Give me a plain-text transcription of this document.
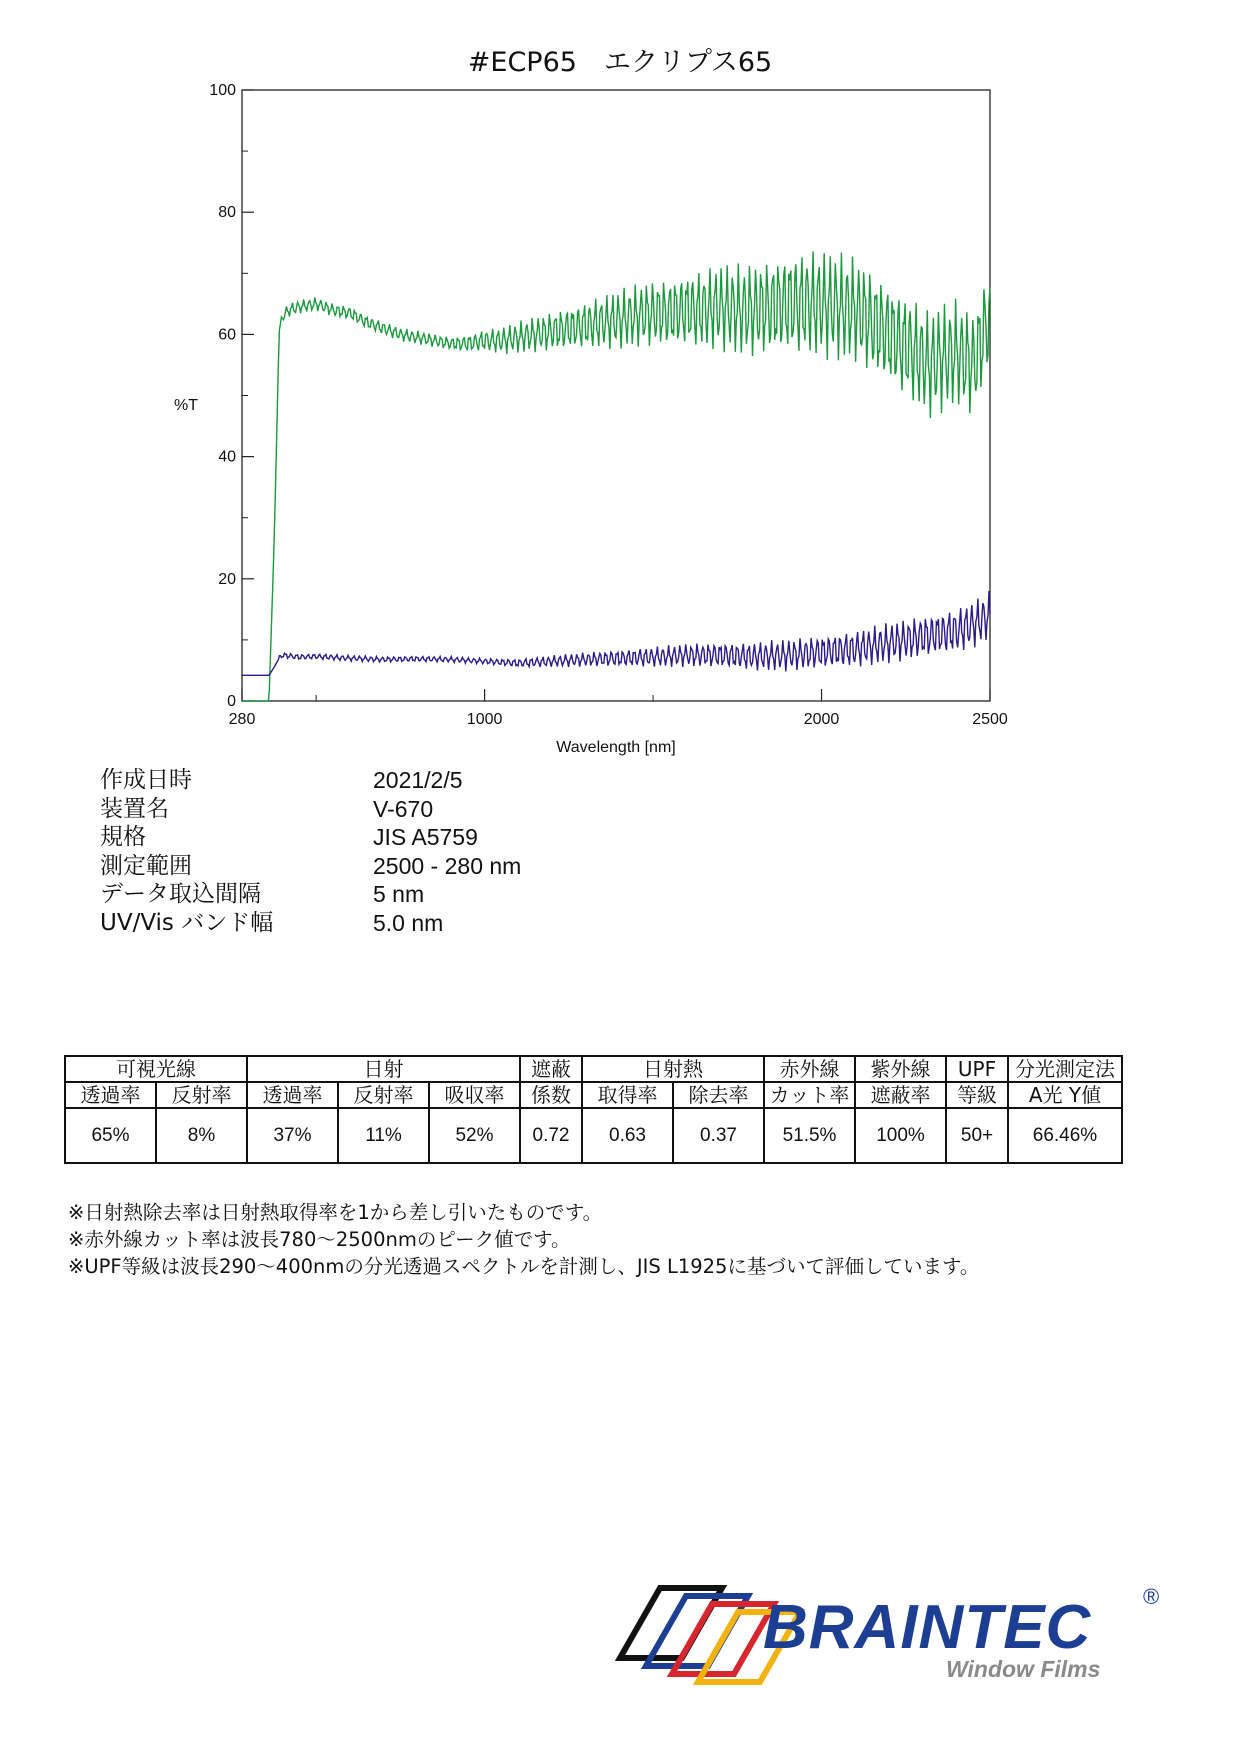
#ECP65　エクリプス65
0
20
40
60
80
100
280	1000	2000	2500
Wavelength [nm]
%T
作成日時	2021/2/5
装置名	V-670
規格	JIS A5759
測定範囲	2500 - 280 nm
データ取込間隔	5 nm
UV/Vis バンド幅	5.0 nm
可視光線		日射			遮蔽	日射熱		赤外線	紫外線	UPF	分光測定法
透過率	反射率	透過率	反射率	吸収率	係数	取得率	除去率	カット率	遮蔽率	等級	A光 Y値
65%	8%	37%	11%	52%	0.72	0.63	0.37	51.5%	100%	50+	66.46%
※日射熱除去率は日射熱取得率を1から差し引いたものです。
※赤外線カット率は波長780～2500nmのピーク値です。
※UPF等級は波長290～400nmの分光透過スペクトルを計測し、JIS L1925に基づいて評価しています。
BRAINTEC ®
Window Films
